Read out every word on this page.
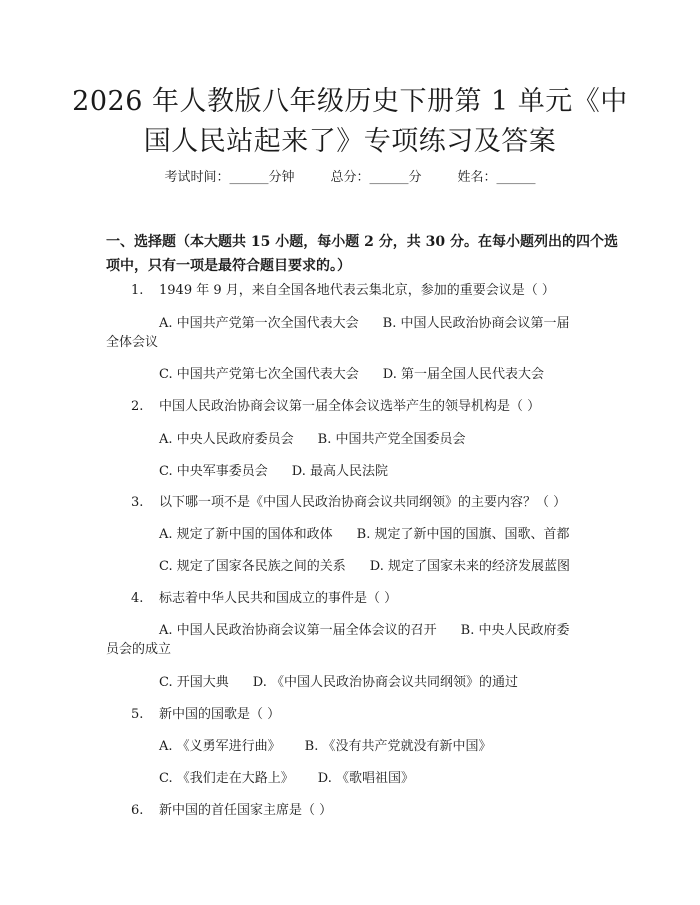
2026 年人教版八年级历史下册第 1 单元《中
国人民站起来了》专项练习及答案
考试时间：______分钟	总分：______分	姓名：______
一、选择题（本大题共 15 小题，每小题 2 分，共 30 分。在每小题列出的四个选项中，只有一项是最符合题目要求的。）
1. 1949 年 9 月，来自全国各地代表云集北京，参加的重要会议是（ ）
A. 中国共产党第一次全国代表大会 B. 中国人民政治协商会议第一届
全体会议
C. 中国共产党第七次全国代表大会 D. 第一届全国人民代表大会
2. 中国人民政治协商会议第一届全体会议选举产生的领导机构是（ ）
A. 中央人民政府委员会 B. 中国共产党全国委员会
C. 中央军事委员会 D. 最高人民法院
3. 以下哪一项不是《中国人民政治协商会议共同纲领》的主要内容？（ ）
A. 规定了新中国的国体和政体 B. 规定了新中国的国旗、国歌、首都
C. 规定了国家各民族之间的关系 D. 规定了国家未来的经济发展蓝图
4. 标志着中华人民共和国成立的事件是（ ）
A. 中国人民政治协商会议第一届全体会议的召开 B. 中央人民政府委
员会的成立
C. 开国大典 D. 《中国人民政治协商会议共同纲领》的通过
5. 新中国的国歌是（ ）
A. 《义勇军进行曲》 B. 《没有共产党就没有新中国》
C. 《我们走在大路上》 D. 《歌唱祖国》
6. 新中国的首任国家主席是（ ）
